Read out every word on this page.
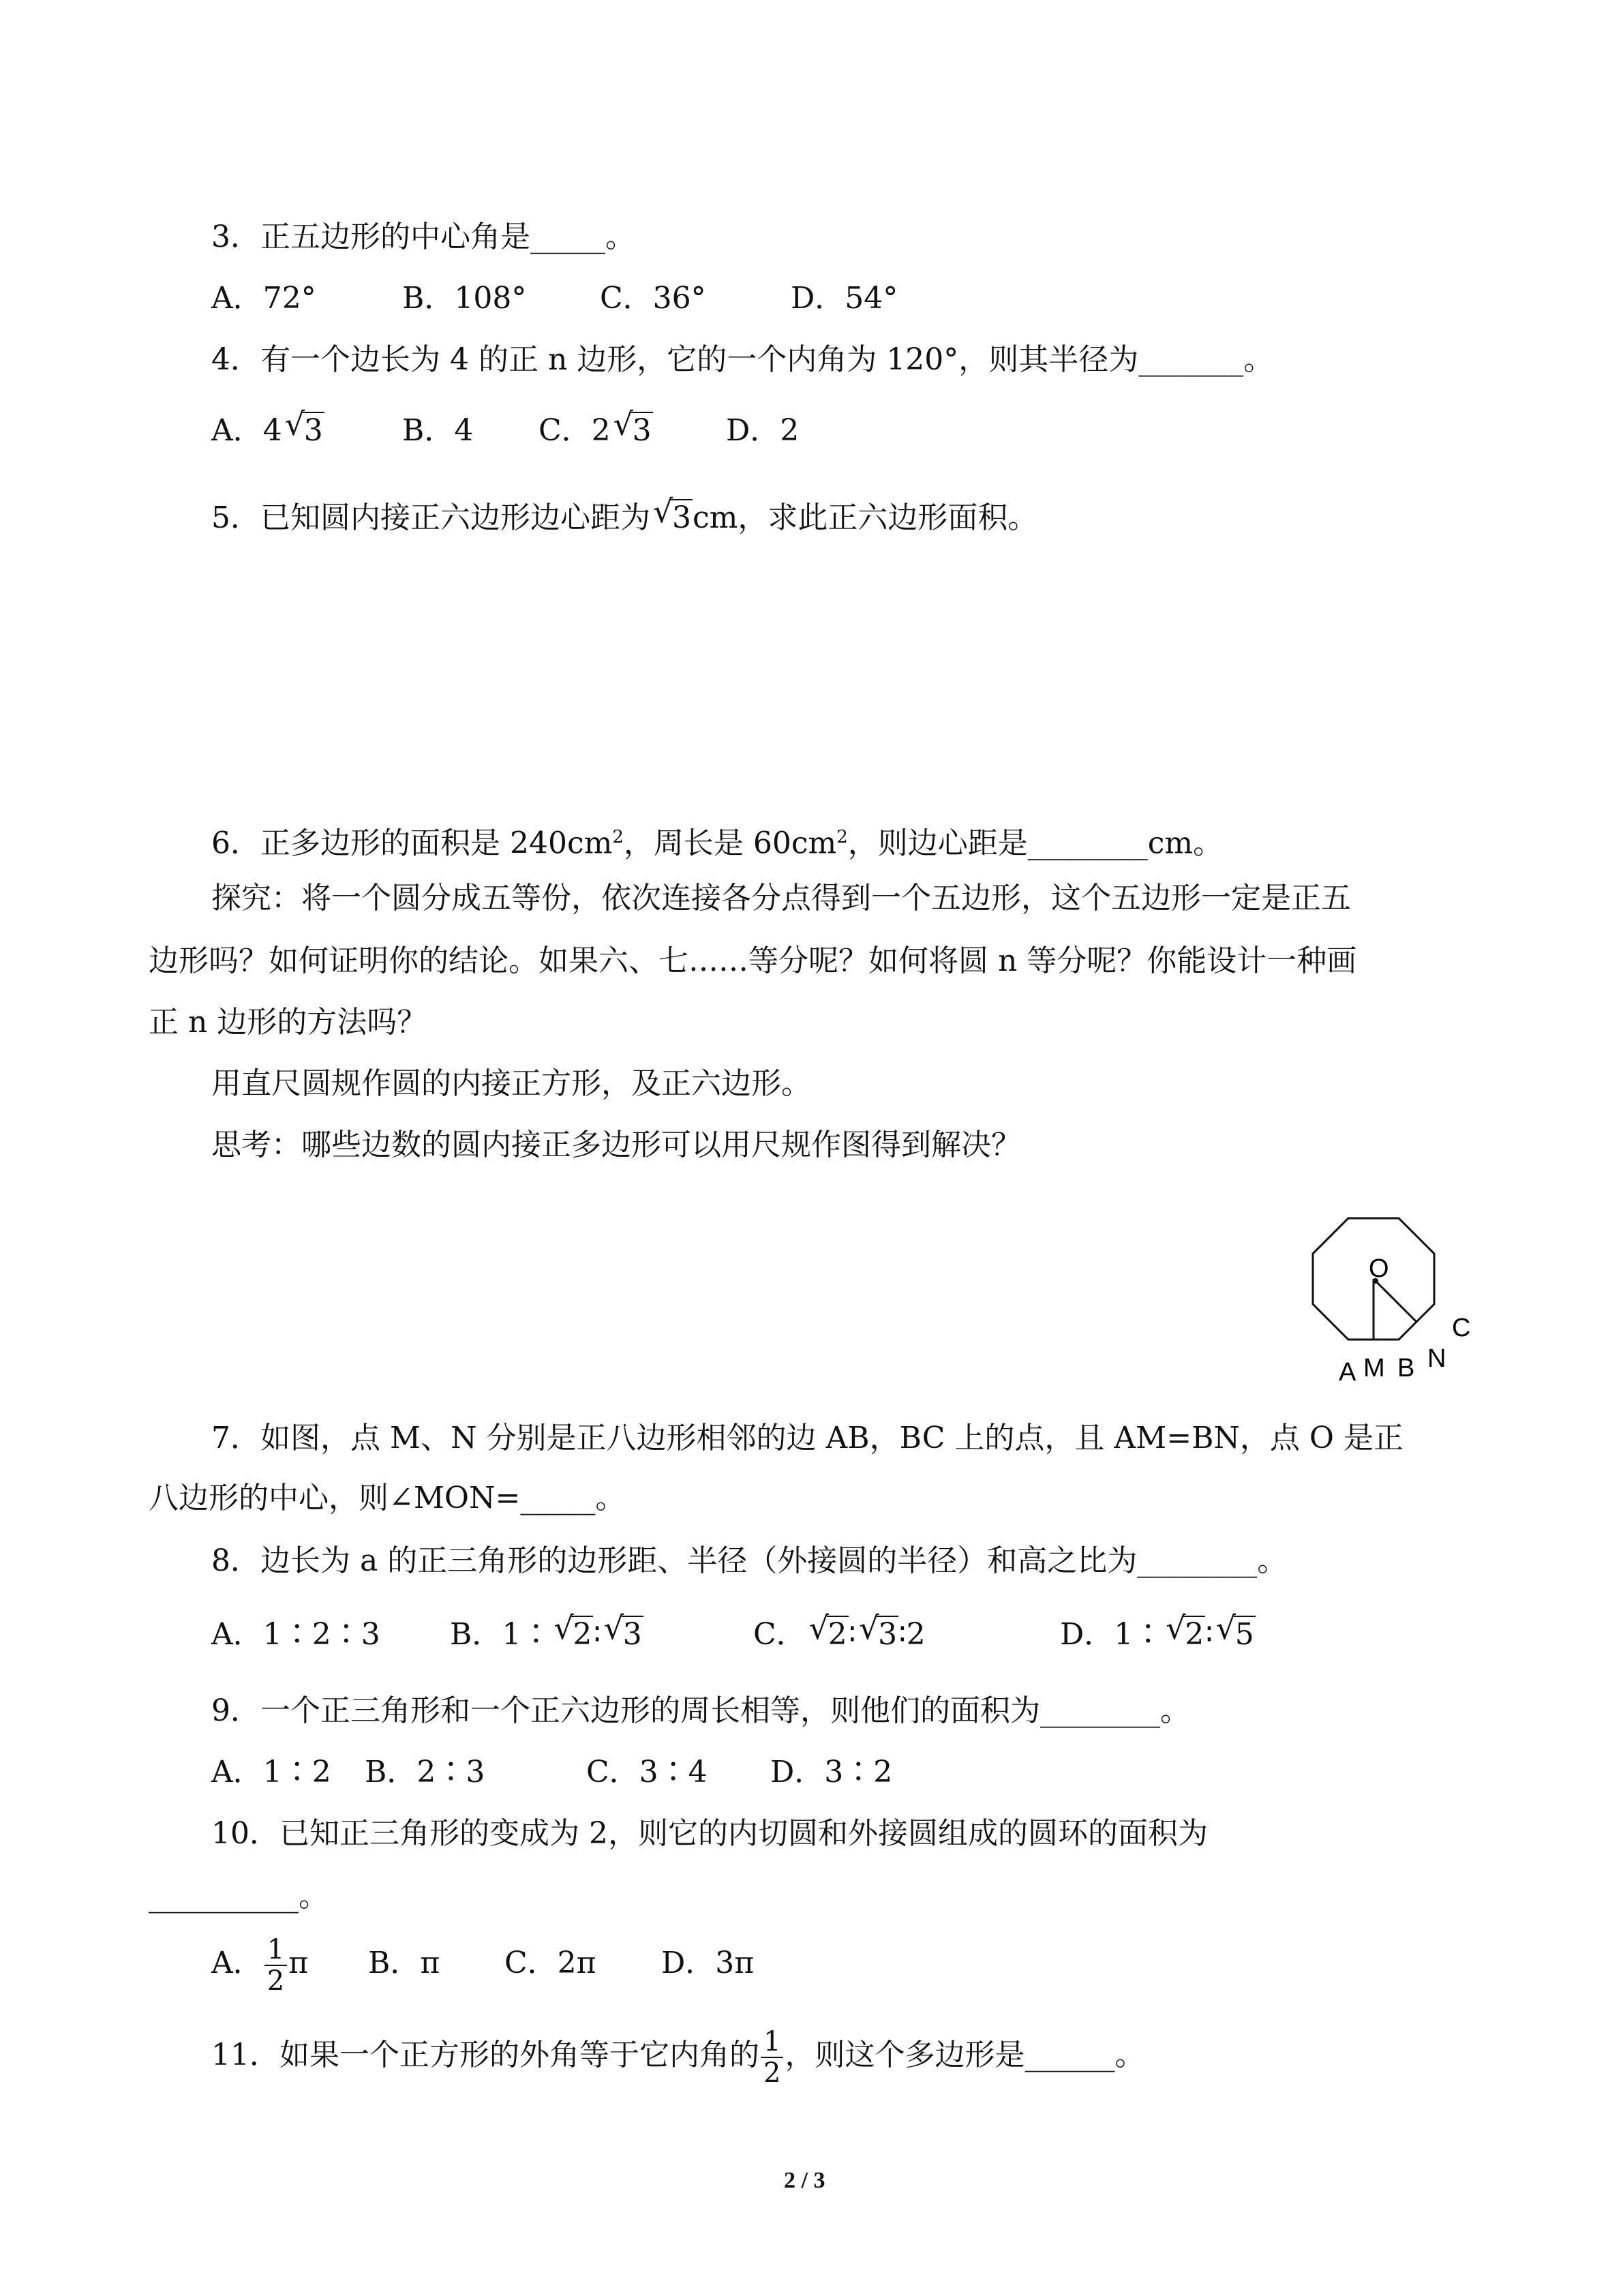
3．正五边形的中心角是_____。
A．72°	B．108° C．36°	D．54°
4．有一个边长为 4 的正 n 边形，它的一个内角为 120°，则其半径为_______。
A．4 √ 3	B．4 C．2 √ 3 D．2
5．已知圆内接正六边形边心距为 √ 3cm，求此正六边形面积。
6．正多边形的面积是 $240cm^2$，周长是 $60cm^2$，则边心距是________cm。
探究：将一个圆分成五等份，依次连接各分点得到一个五边形，这个五边形一定是正五
边形吗？如何证明你的结论。如果六、七……等分呢？如何将圆 n 等分呢？你能设计一种画
正 n 边形的方法吗？
用直尺圆规作圆的内接正方形，及正六边形。
思考：哪些边数的圆内接正多边形可以用尺规作图得到解决？
O
A M B N
C
7．如图，点 M、N 分别是正八边形相邻的边 AB，BC 上的点，且 AM=BN，点 O 是正
八边形的中心，则∠MON=_____。
8．边长为 a 的正三角形的边形距、半径（外接圆的半径）和高之比为________。
A．1∶2∶3 B．1∶ √ 2∶ √ 3	C． √ 2∶ √ 3∶2	D．1∶ √ 2∶ √ 5
9．一个正三角形和一个正六边形的周长相等，则他们的面积为________。
A．1∶2 B．2∶3	C．3∶4 D．3∶2
10．已知正三角形的变成为 2，则它的内切圆和外接圆组成的圆环的面积为
__________。
A． $\frac{1}{2}$ π B．π C．2π D．3π
11．如果一个正方形的外角等于它内角的 $\frac{1}{2}$ ，则这个多边形是______。
2 / 3
